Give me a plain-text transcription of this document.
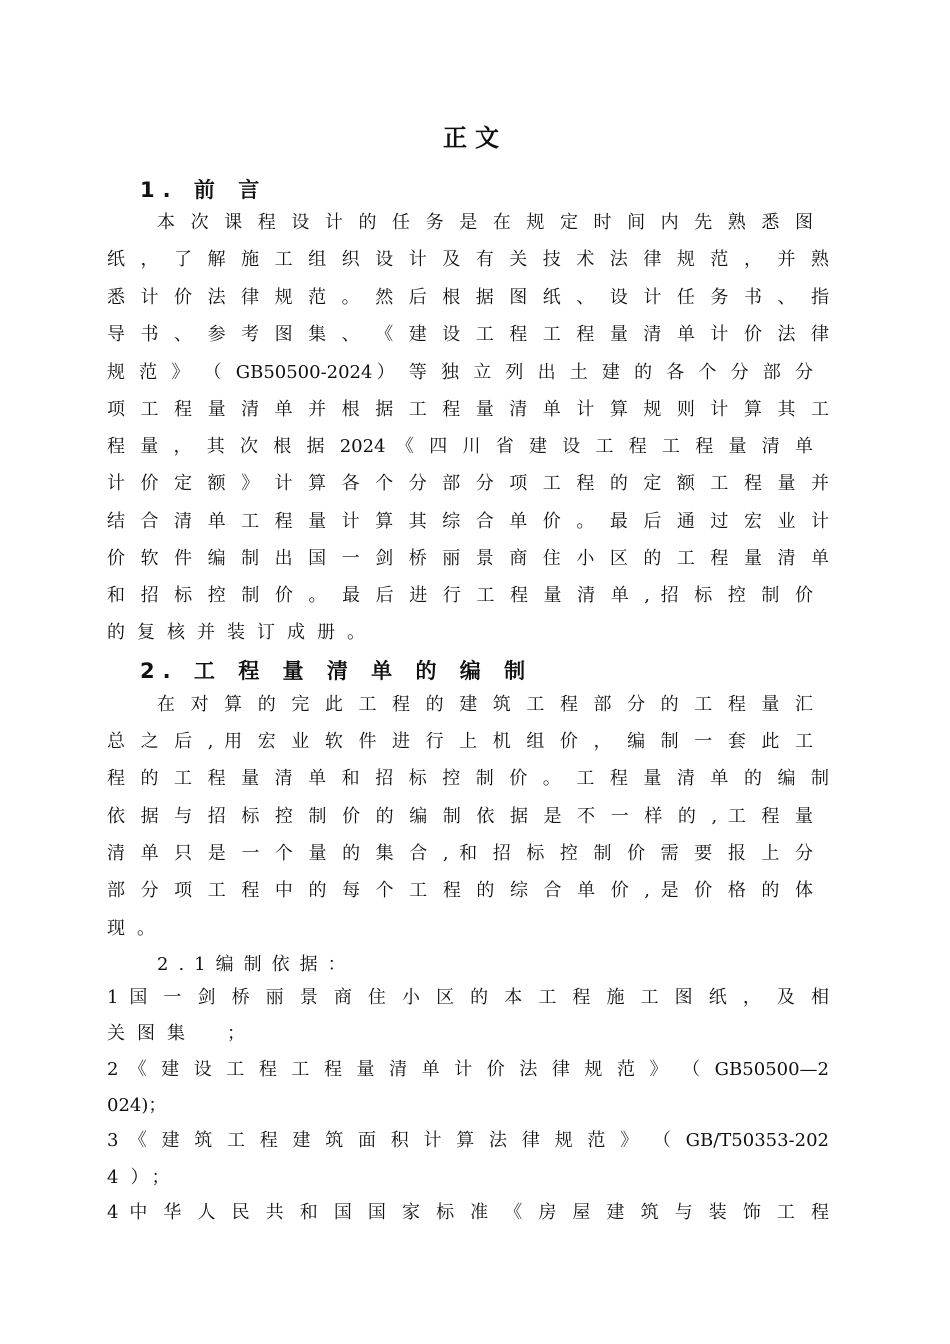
正文
1. 前 言
本 次 课 程 设 计 的 任 务 是 在 规 定 时 间 内 先 熟 悉 图
纸 ， 了 解 施 工 组 织 设 计 及 有 关 技 术 法 律 规 范 ， 并 熟
悉 计 价 法 律 规 范 。 然 后 根 据 图 纸 、 设 计 任 务 书 、 指
导 书 、 参 考 图 集 、 《 建 设 工 程 工 程 量 清 单 计 价 法 律
规 范 》 （ GB50500-2024） 等 独 立 列 出 土 建 的 各 个 分 部 分
项 工 程 量 清 单 并 根 据 工 程 量 清 单 计 算 规 则 计 算 其 工
程 量 ， 其 次 根 据 2024 《 四 川 省 建 设 工 程 工 程 量 清 单
计 价 定 额 》 计 算 各 个 分 部 分 项 工 程 的 定 额 工 程 量 并
结 合 清 单 工 程 量 计 算 其 综 合 单 价 。 最 后 通 过 宏 业 计
价 软 件 编 制 出 国 一 剑 桥 丽 景 商 住 小 区 的 工 程 量 清 单
和 招 标 控 制 价 。 最 后 进 行 工 程 量 清 单 , 招 标 控 制 价
的复核并装订成册。
2. 工 程 量 清 单 的 编 制
在 对 算 的 完 此 工 程 的 建 筑 工 程 部 分 的 工 程 量 汇
总 之 后 , 用 宏 业 软 件 进 行 上 机 组 价 ， 编 制 一 套 此 工
程 的 工 程 量 清 单 和 招 标 控 制 价 。 工 程 量 清 单 的 编 制
依 据 与 招 标 控 制 价 的 编 制 依 据 是 不 一 样 的 , 工 程 量
清 单 只 是 一 个 量 的 集 合 , 和 招 标 控 制 价 需 要 报 上 分
部 分 项 工 程 中 的 每 个 工 程 的 综 合 单 价 , 是 价 格 的 体
现。
2.1编制依据：
1 国 一 剑 桥 丽 景 商 住 小 区 的 本 工 程 施 工 图 纸 ， 及 相
关图集　；
2 《 建 设 工 程 工 程 量 清 单 计 价 法 律 规 范 》 （ GB50500—2
024)；
3 《 建 筑 工 程 建 筑 面 积 计 算 法 律 规 范 》 （ GB/T50353-202
4）；
4 中 华 人 民 共 和 国 国 家 标 准 《 房 屋 建 筑 与 装 饰 工 程
